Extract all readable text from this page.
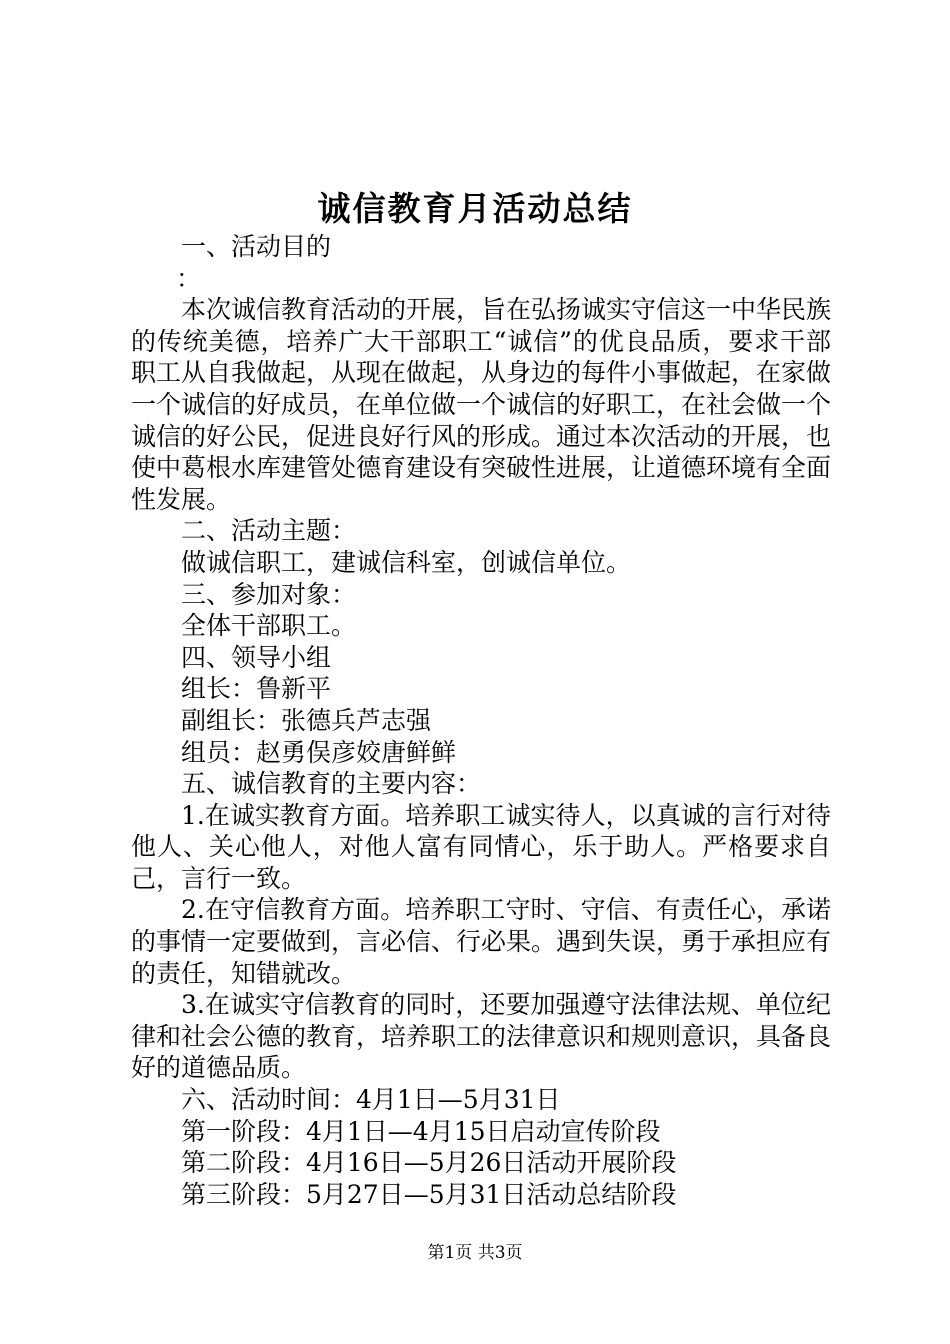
诚信教育月活动总结

一、活动目的

：

本次诚信教育活动的开展，旨在弘扬诚实守信这一中华民族的传统美德，培养广大干部职工“诚信”的优良品质，要求干部职工从自我做起，从现在做起，从身边的每件小事做起，在家做一个诚信的好成员，在单位做一个诚信的好职工，在社会做一个诚信的好公民，促进良好行风的形成。通过本次活动的开展，也使中葛根水库建管处德育建设有突破性进展，让道德环境有全面性发展。

二、活动主题：

做诚信职工，建诚信科室，创诚信单位。

三、参加对象：

全体干部职工。

四、领导小组

组长：鲁新平

副组长：张德兵芦志强

组员：赵勇俣彦姣唐鲜鲜

五、诚信教育的主要内容：

1.在诚实教育方面。培养职工诚实待人，以真诚的言行对待他人、关心他人，对他人富有同情心，乐于助人。严格要求自己，言行一致。

2.在守信教育方面。培养职工守时、守信、有责任心，承诺的事情一定要做到，言必信、行必果。遇到失误，勇于承担应有的责任，知错就改。

3.在诚实守信教育的同时，还要加强遵守法律法规、单位纪律和社会公德的教育，培养职工的法律意识和规则意识，具备良好的道德品质。

六、活动时间：4月1日—5月31日

第一阶段：4月1日—4月15日启动宣传阶段

第二阶段：4月16日—5月26日活动开展阶段

第三阶段：5月27日—5月31日活动总结阶段

第1页 共3页
